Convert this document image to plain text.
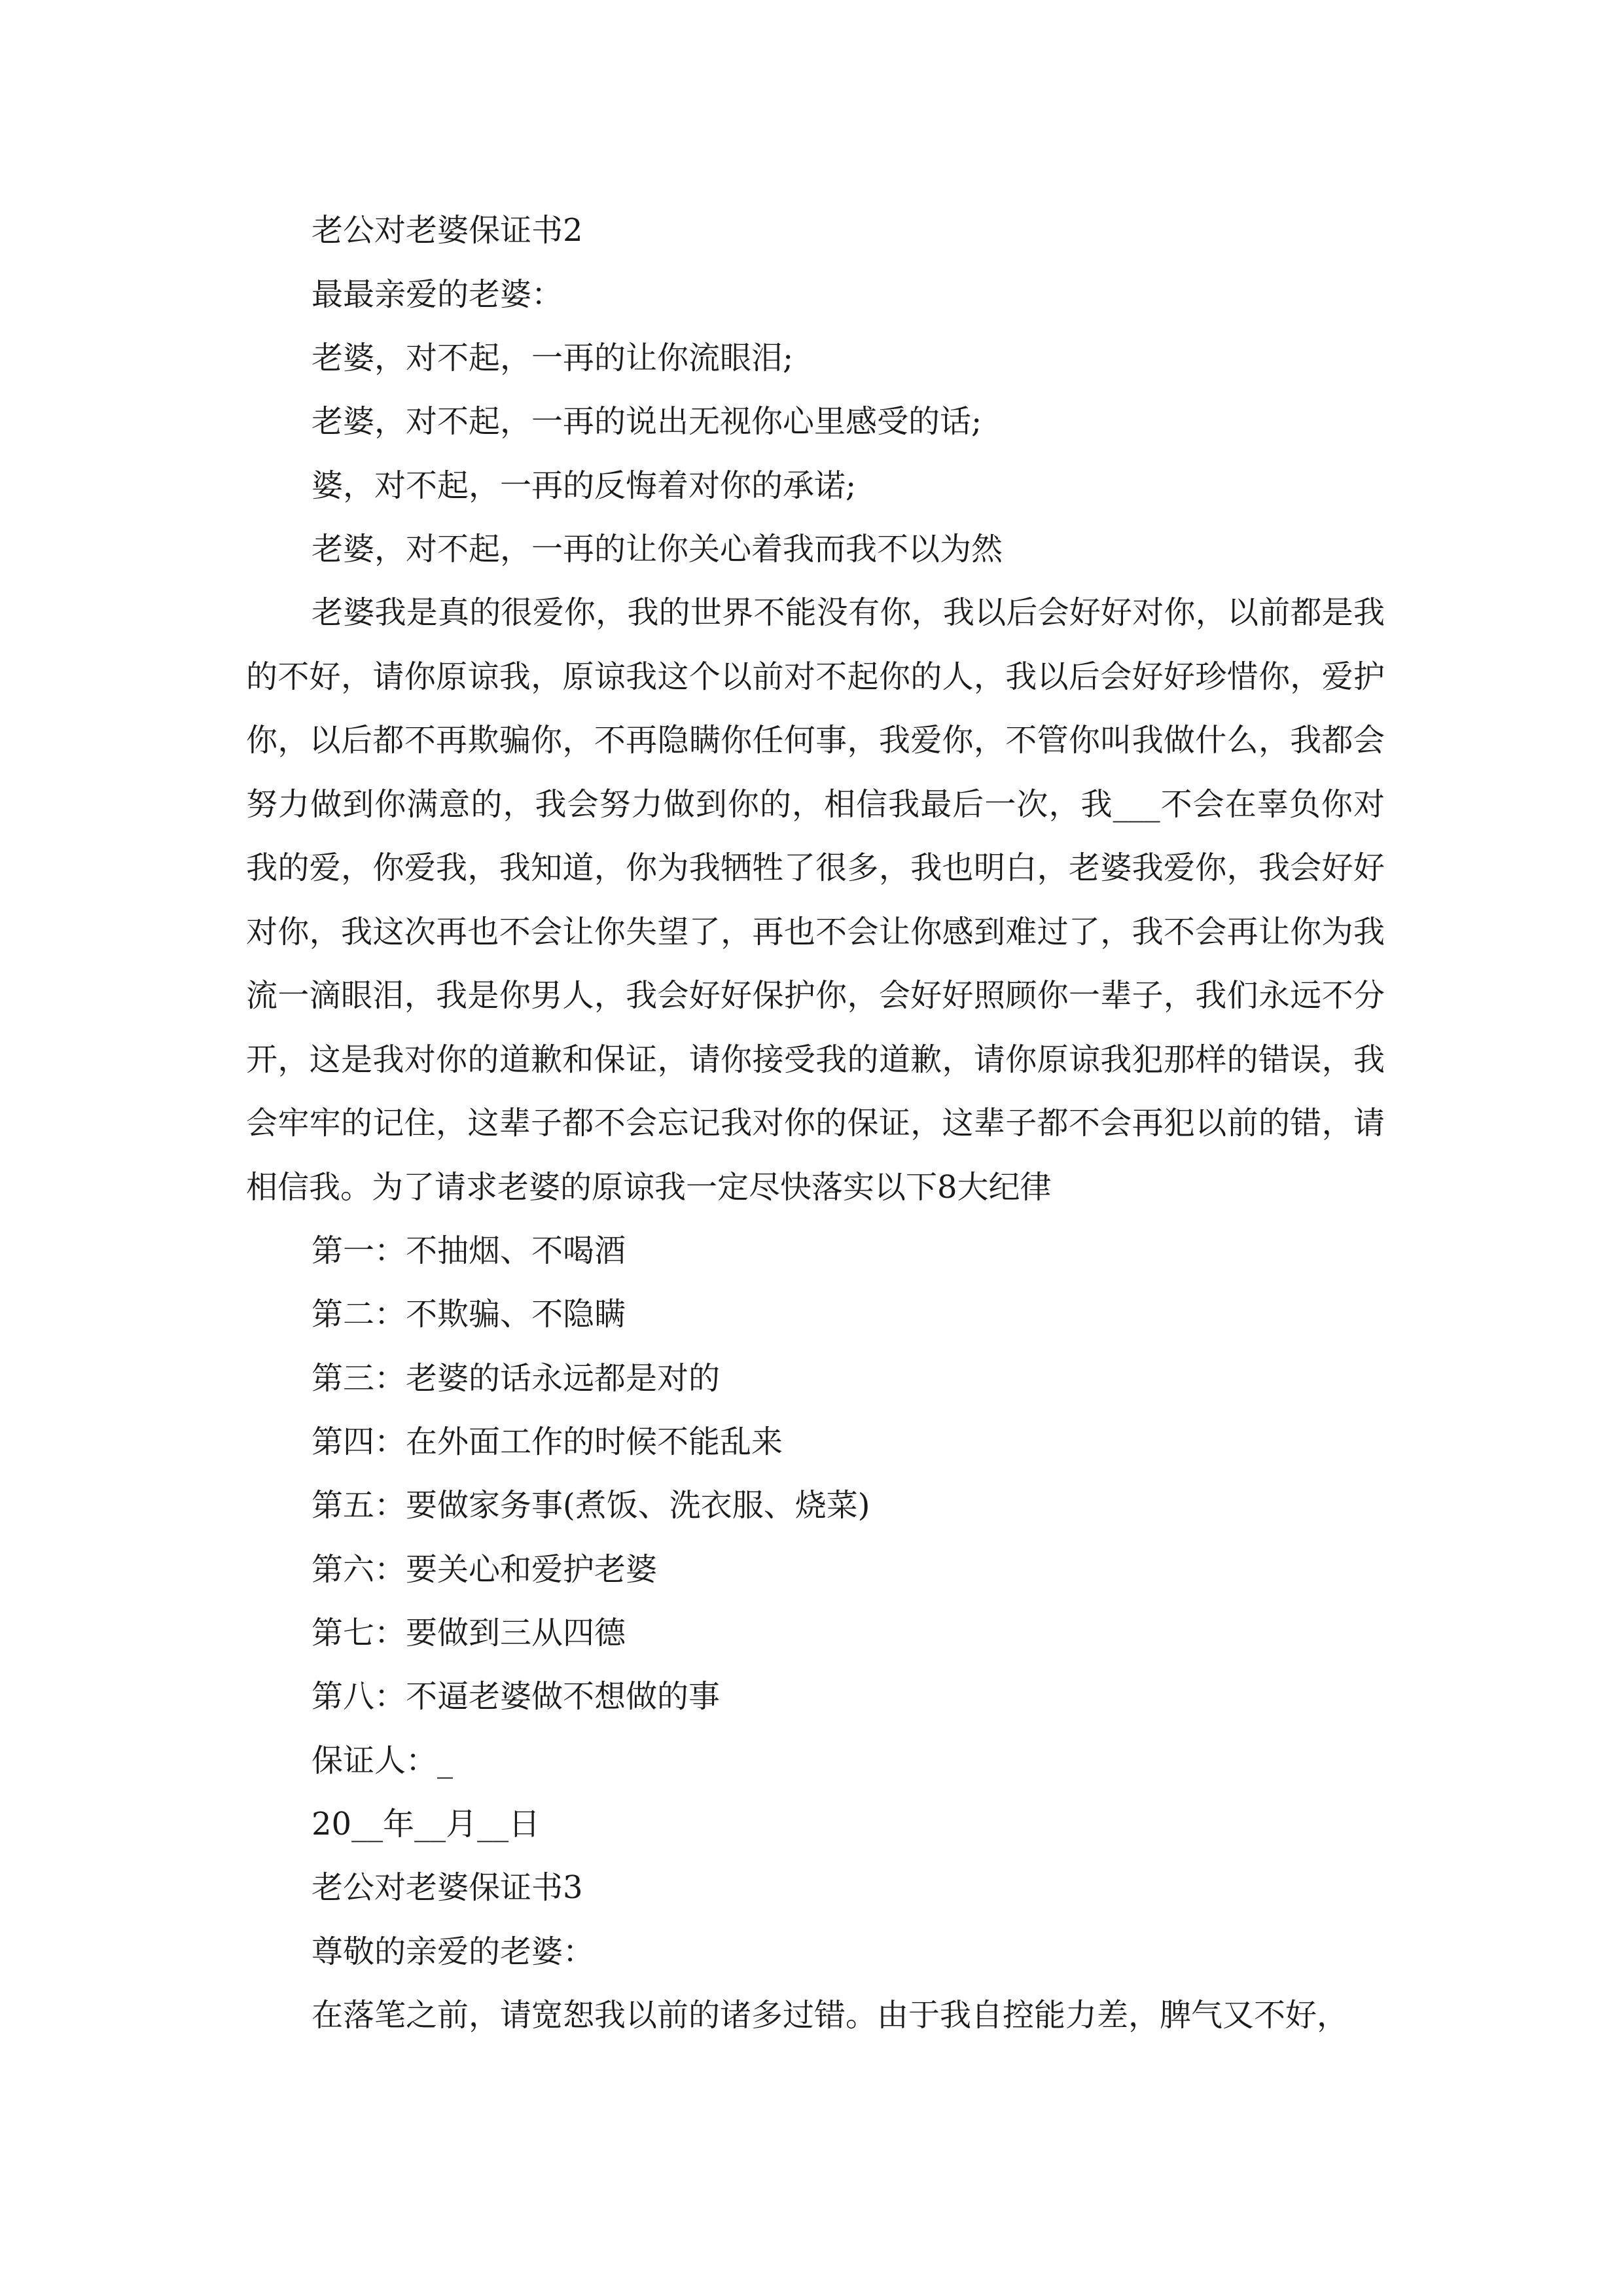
老公对老婆保证书2
最最亲爱的老婆：
老婆，对不起，一再的让你流眼泪;
老婆，对不起，一再的说出无视你心里感受的话;
婆，对不起，一再的反悔着对你的承诺;
老婆，对不起，一再的让你关心着我而我不以为然
老婆我是真的很爱你，我的世界不能没有你，我以后会好好对你，以前都是我的不好，请你原谅我，原谅我这个以前对不起你的人，我以后会好好珍惜你，爱护你，以后都不再欺骗你，不再隐瞒你任何事，我爱你，不管你叫我做什么，我都会努力做到你满意的，我会努力做到你的，相信我最后一次，我___不会在辜负你对我的爱，你爱我，我知道，你为我牺牲了很多，我也明白，老婆我爱你，我会好好对你，我这次再也不会让你失望了，再也不会让你感到难过了，我不会再让你为我流一滴眼泪，我是你男人，我会好好保护你，会好好照顾你一辈子，我们永远不分开，这是我对你的道歉和保证，请你接受我的道歉，请你原谅我犯那样的错误，我会牢牢的记住，这辈子都不会忘记我对你的保证，这辈子都不会再犯以前的错，请相信我。为了请求老婆的原谅我一定尽快落实以下8大纪律
第一：不抽烟、不喝酒
第二：不欺骗、不隐瞒
第三：老婆的话永远都是对的
第四：在外面工作的时候不能乱来
第五：要做家务事(煮饭、洗衣服、烧菜)
第六：要关心和爱护老婆
第七：要做到三从四德
第八：不逼老婆做不想做的事
保证人：_
20__年__月__日
老公对老婆保证书3
尊敬的亲爱的老婆：
在落笔之前，请宽恕我以前的诸多过错。由于我自控能力差，脾气又不好，
